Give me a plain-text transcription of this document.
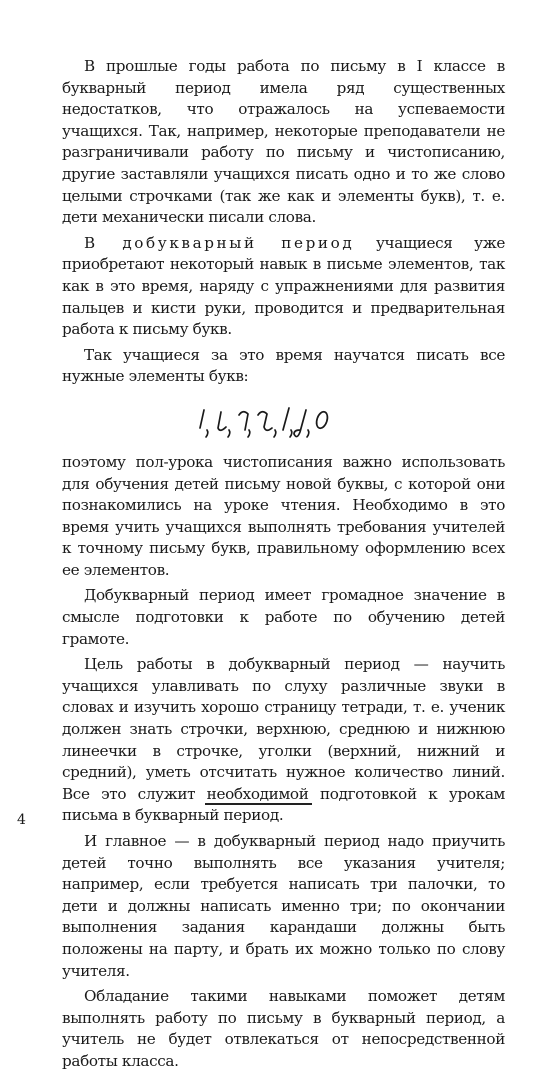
В прошлые годы работа по письму в I классе в букварный период имела ряд существенных недостатков, что отражалось на успеваемости учащихся. Так, например, некоторые преподаватели не разграничивали работу по письму и чистописанию, другие заставляли учащихся писать одно и то же слово целыми строчками (так же как и элементы букв), т. е. дети механически писали слова.

В добукварный период учащиеся уже приобретают некоторый навык в письме элементов, так как в это время, наряду с упражнениями для развития пальцев и кисти руки, проводится и предварительная работа к письму букв.

Так учащиеся за это время научатся писать все нужные элементы букв:

поэтому пол-урока чистописания важно использовать для обучения детей письму новой буквы, с которой они познакомились на уроке чтения. Необходимо в это время учить учащихся выполнять требования учителей к точному письму букв, правильному оформлению всех ее элементов.

Добукварный период имеет громадное значение в смысле подготовки к работе по обучению детей грамоте.

Цель работы в добукварный период — научить учащихся улавливать по слуху различные звуки в словах и изучить хорошо страницу тетради, т. е. ученик должен знать строчки, верхнюю, среднюю и нижнюю линеечки в строчке, уголки (верхний, нижний и средний), уметь отсчитать нужное количество линий. Все это служит необходимой подготовкой к урокам письма в букварный период.

И главное — в добукварный период надо приучить детей точно выполнять все указания учителя; например, если требуется написать три палочки, то дети и должны написать именно три; по окончании выполнения задания карандаши должны быть положены на парту, и брать их можно только по слову учителя.

Обладание такими навыками поможет детям выполнять работу по письму в букварный период, а учитель не будет отвлекаться от непосредственной работы класса.

4
